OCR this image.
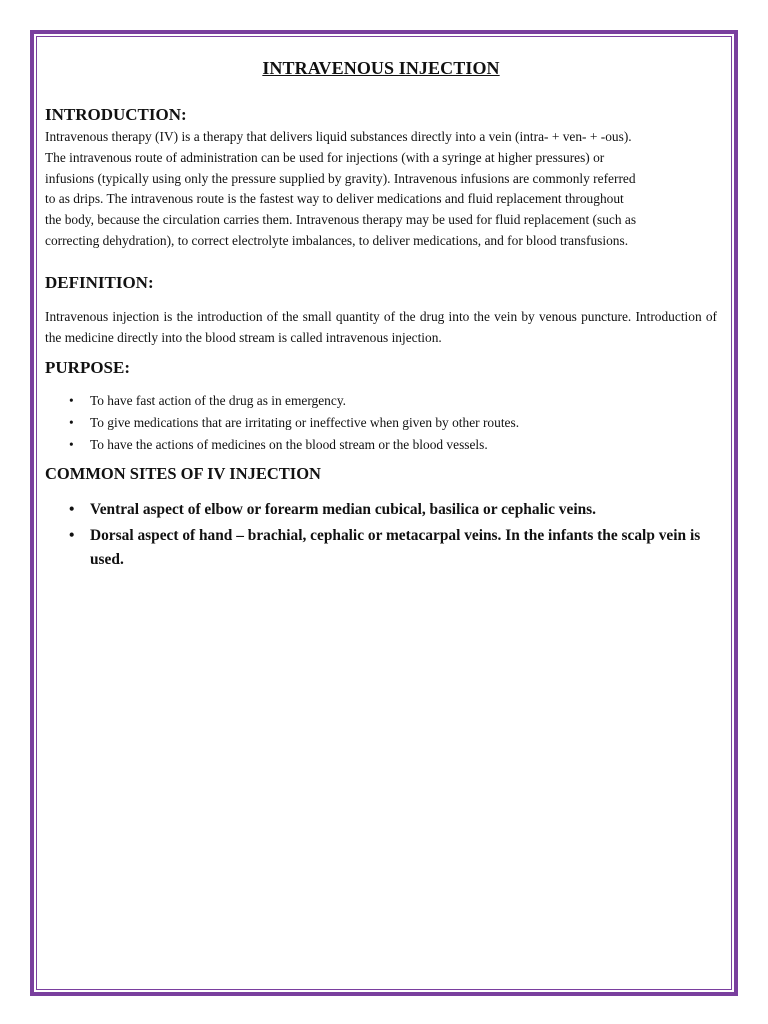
INTRAVENOUS INJECTION
INTRODUCTION:
Intravenous therapy (IV) is a therapy that delivers liquid substances directly into a vein (intra- + ven- + -ous).
The intravenous route of administration can be used for injections (with a syringe at higher pressures) or
infusions (typically using only the pressure supplied by gravity). Intravenous infusions are commonly referred
to as drips. The intravenous route is the fastest way to deliver medications and fluid replacement throughout
the body, because the circulation carries them. Intravenous therapy may be used for fluid replacement (such as
correcting dehydration), to correct electrolyte imbalances, to deliver medications, and for blood transfusions.
DEFINITION:

Intravenous injection is the introduction of the small quantity of the drug into the vein by venous puncture. Introduction of the medicine directly into the blood stream is called intravenous injection.

PURPOSE:
• To have fast action of the drug as in emergency.
• To give medications that are irritating or ineffective when given by other routes.
• To have the actions of medicines on the blood stream or the blood vessels.
COMMON SITES OF IV INJECTION
• Ventral aspect of elbow or forearm median cubical, basilica or cephalic veins.
• Dorsal aspect of hand – brachial, cephalic or metacarpal veins. In the infants the scalp vein is used.
